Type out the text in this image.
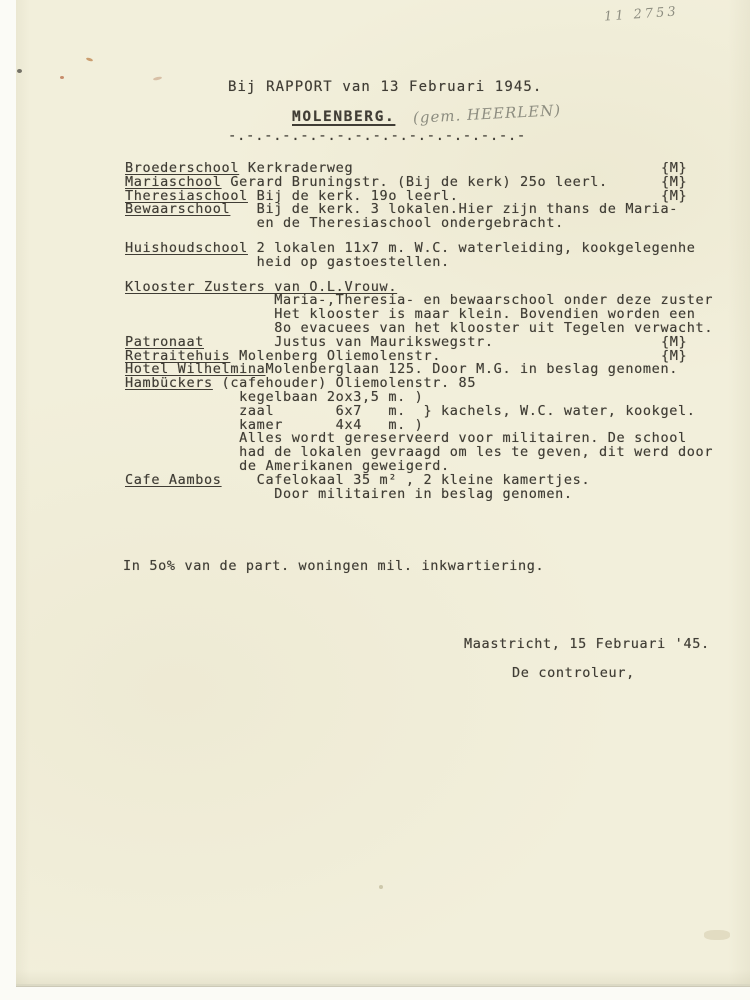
11 2753

Bij RAPPORT van 13 Februari 1945.

-.-.-.-.-.-.-.-.-.-.-.-.-.-.-.-.-

MOLENBERG. (gem. HEERLEN)
Broederschool Kerkraderweg	{M}
Mariaschool Gerard Bruningstr. (Bij de kerk) 25o leerl.	{M}
Theresiaschool Bij de kerk. 19o leerl.	{M}
Bewaarschool   Bij de kerk. 3 lokalen.Hier zijn thans de Maria-
en de Theresiaschool ondergebracht.
Huishoudschool 2 lokalen 11x7 m. W.C. waterleiding, kookgelegenhe
heid op gastoestellen.
Klooster Zusters van O.L.Vrouw.
Maria-,Theresia- en bewaarschool onder deze zuster
Het klooster is maar klein. Bovendien worden een
8o evacuees van het klooster uit Tegelen verwacht.
Patronaat        Justus van Maurikswegstr.	{M}
Retraitehuis Molenberg Oliemolenstr.	{M}
Hotel WilhelminaMolenberglaan 125. Door M.G. in beslag genomen.
Hambückers (cafehouder) Oliemolenstr. 85
kegelbaan 2ox3,5 m. )
zaal       6x7   m.  } kachels, W.C. water, kookgel.
kamer      4x4   m. )
Alles wordt gereserveerd voor militairen. De school
had de lokalen gevraagd om les te geven, dit werd door
de Amerikanen geweigerd.
Cafe Aambos    Cafelokaal 35 m² , 2 kleine kamertjes.
Door militairen in beslag genomen.
In 5o% van de part. woningen mil. inkwartiering.
Maastricht, 15 Februari '45.
De controleur,
